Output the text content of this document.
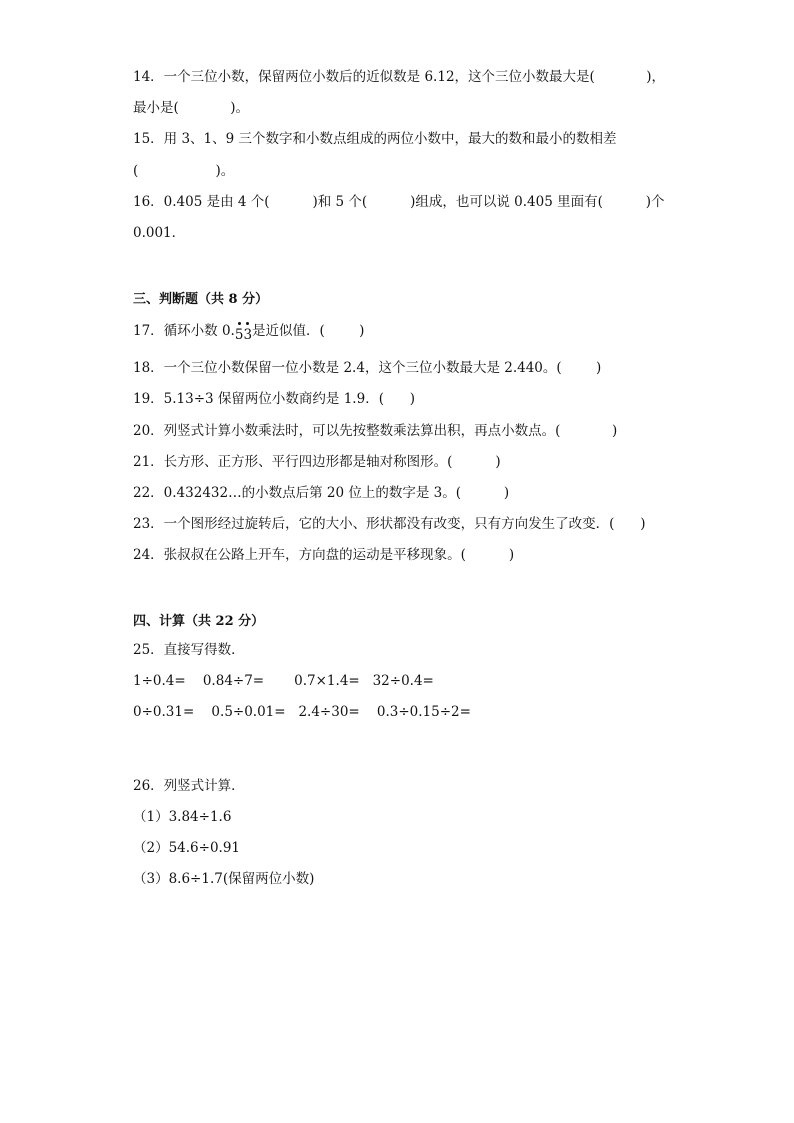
14．一个三位小数，保留两位小数后的近似数是 6.12，这个三位小数最大是(            )，
最小是(            )。
15．用 3、1、9 三个数字和小数点组成的两位小数中，最大的数和最小的数相差
(                  )。
16．0.405 是由 4 个(          )和 5 个(          )组成，也可以说 0.405 里面有(          )个
0.001．
三、判断题（共 8 分）
17．循环小数 0.53是近似值．(        )
18．一个三位小数保留一位小数是 2.4，这个三位小数最大是 2.440。(        )
19．5.13÷3 保留两位小数商约是 1.9．(      )
20．列竖式计算小数乘法时，可以先按整数乘法算出积，再点小数点。(            )
21．长方形、正方形、平行四边形都是轴对称图形。(          )
22．0.432432…的小数点后第 20 位上的数字是 3。(          )
23．一个图形经过旋转后，它的大小、形状都没有改变，只有方向发生了改变．(      )
24．张叔叔在公路上开车，方向盘的运动是平移现象。(          )
四、计算（共 22 分）
25．直接写得数．
1÷0.4=    0.84÷7=       0.7×1.4=   32÷0.4=
0÷0.31=    0.5÷0.01=   2.4÷30=    0.3÷0.15÷2=
26．列竖式计算．
（1）3.84÷1.6
（2）54.6÷0.91
（3）8.6÷1.7(保留两位小数)
